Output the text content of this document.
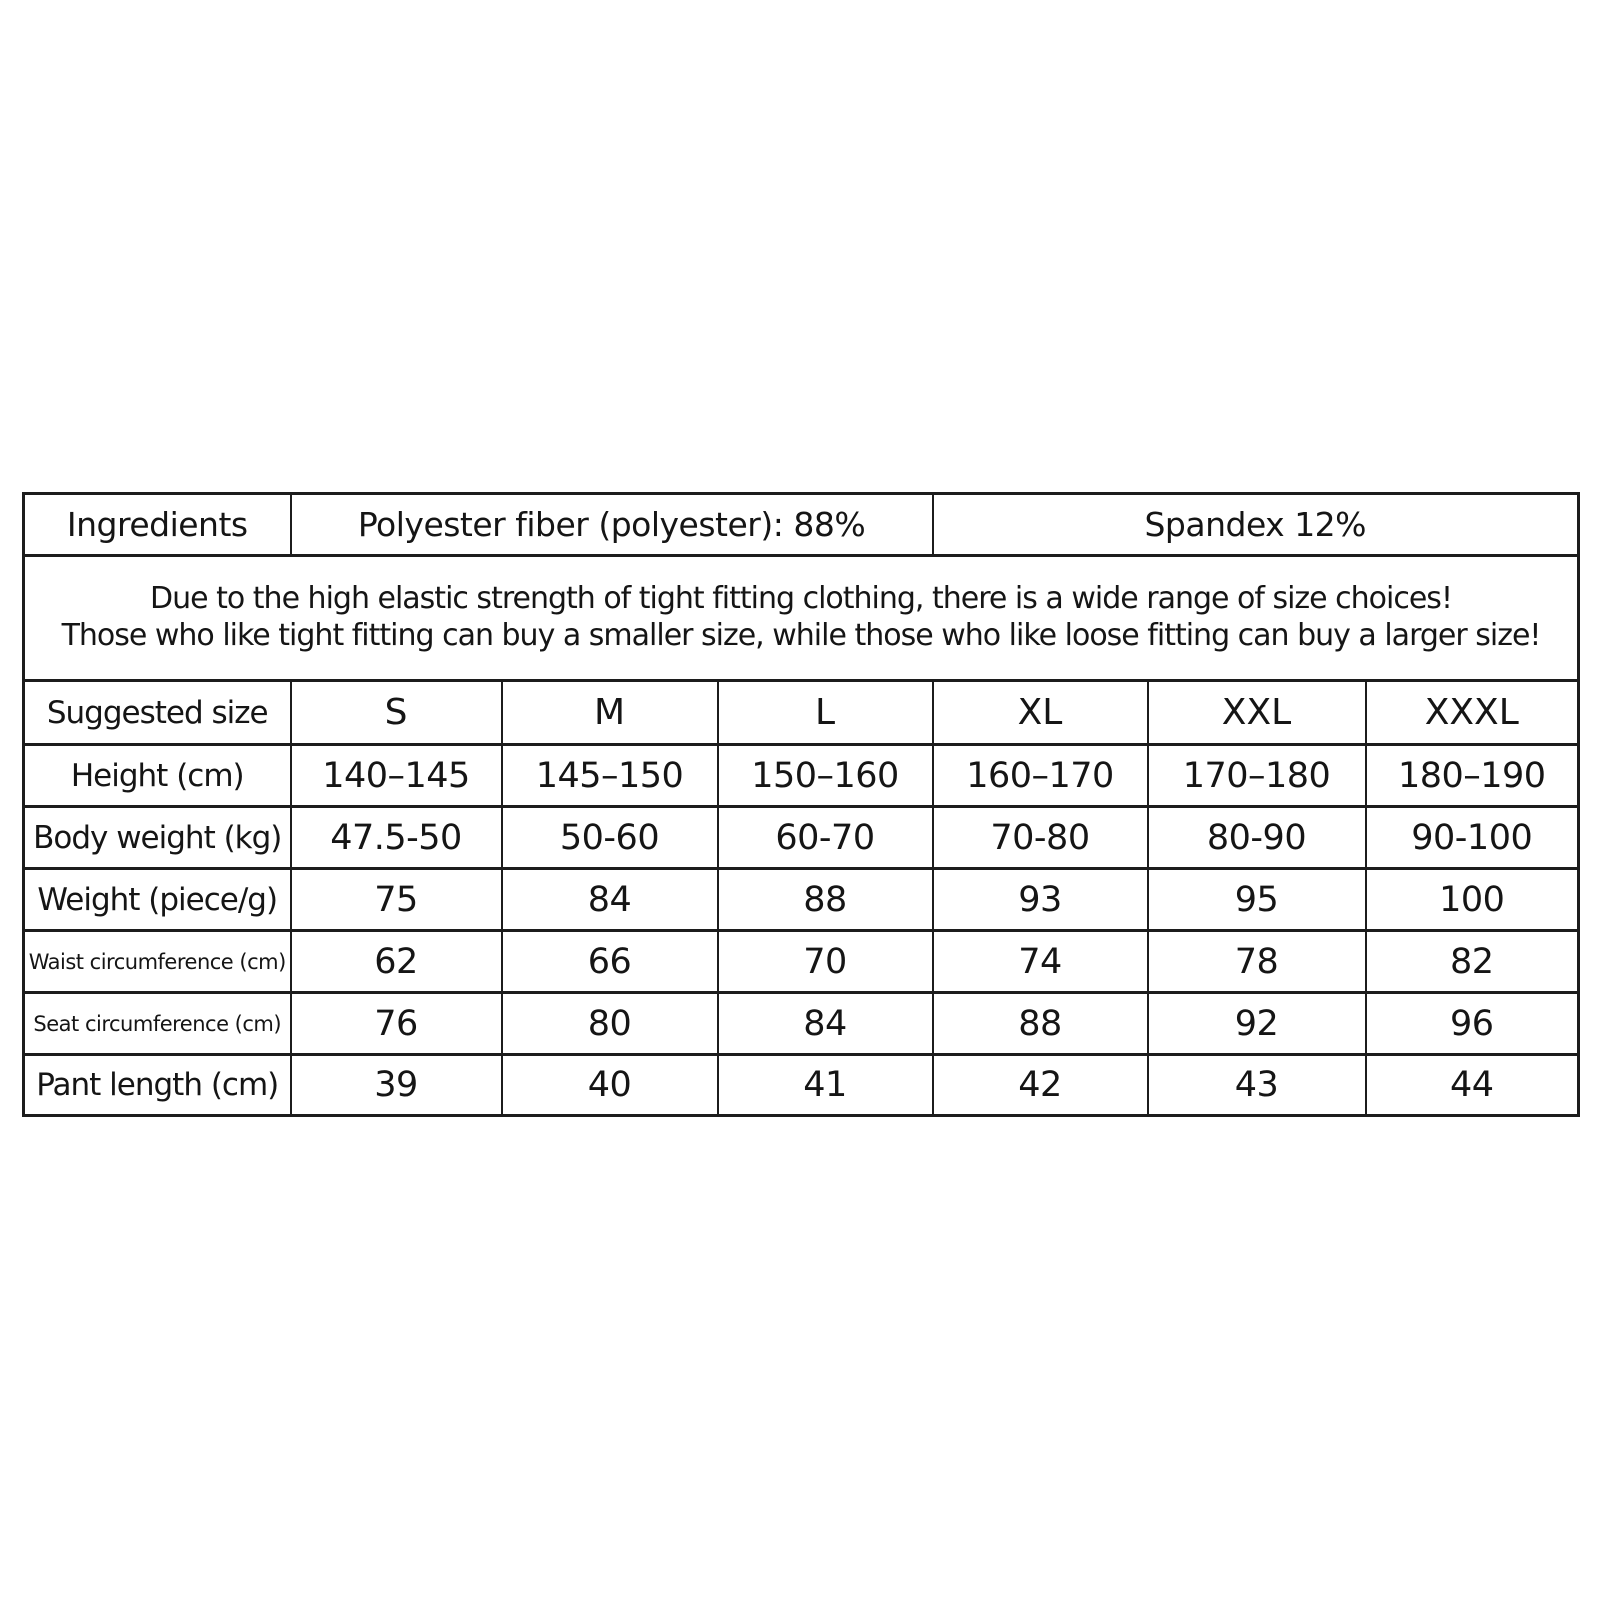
Ingredients	Polyester fiber (polyester): 88%			Spandex 12%		

Due to the high elastic strength of tight fitting clothing, there is a wide range of size choices!
Those who like tight fitting can buy a smaller size, while those who like loose fitting can buy a larger size!						

Suggested size	S	M	L	XL	XXL	XXXL
Height (cm)	140–145	145–150	150–160	160–170	170–180	180–190
Body weight (kg)	47.5-50	50-60	60-70	70-80	80-90	90-100
Weight (piece/g)	75	84	88	93	95	100
Waist circumference (cm)	62	66	70	74	78	82
Seat circumference (cm)	76	80	84	88	92	96
Pant length (cm)	39	40	41	42	43	44
